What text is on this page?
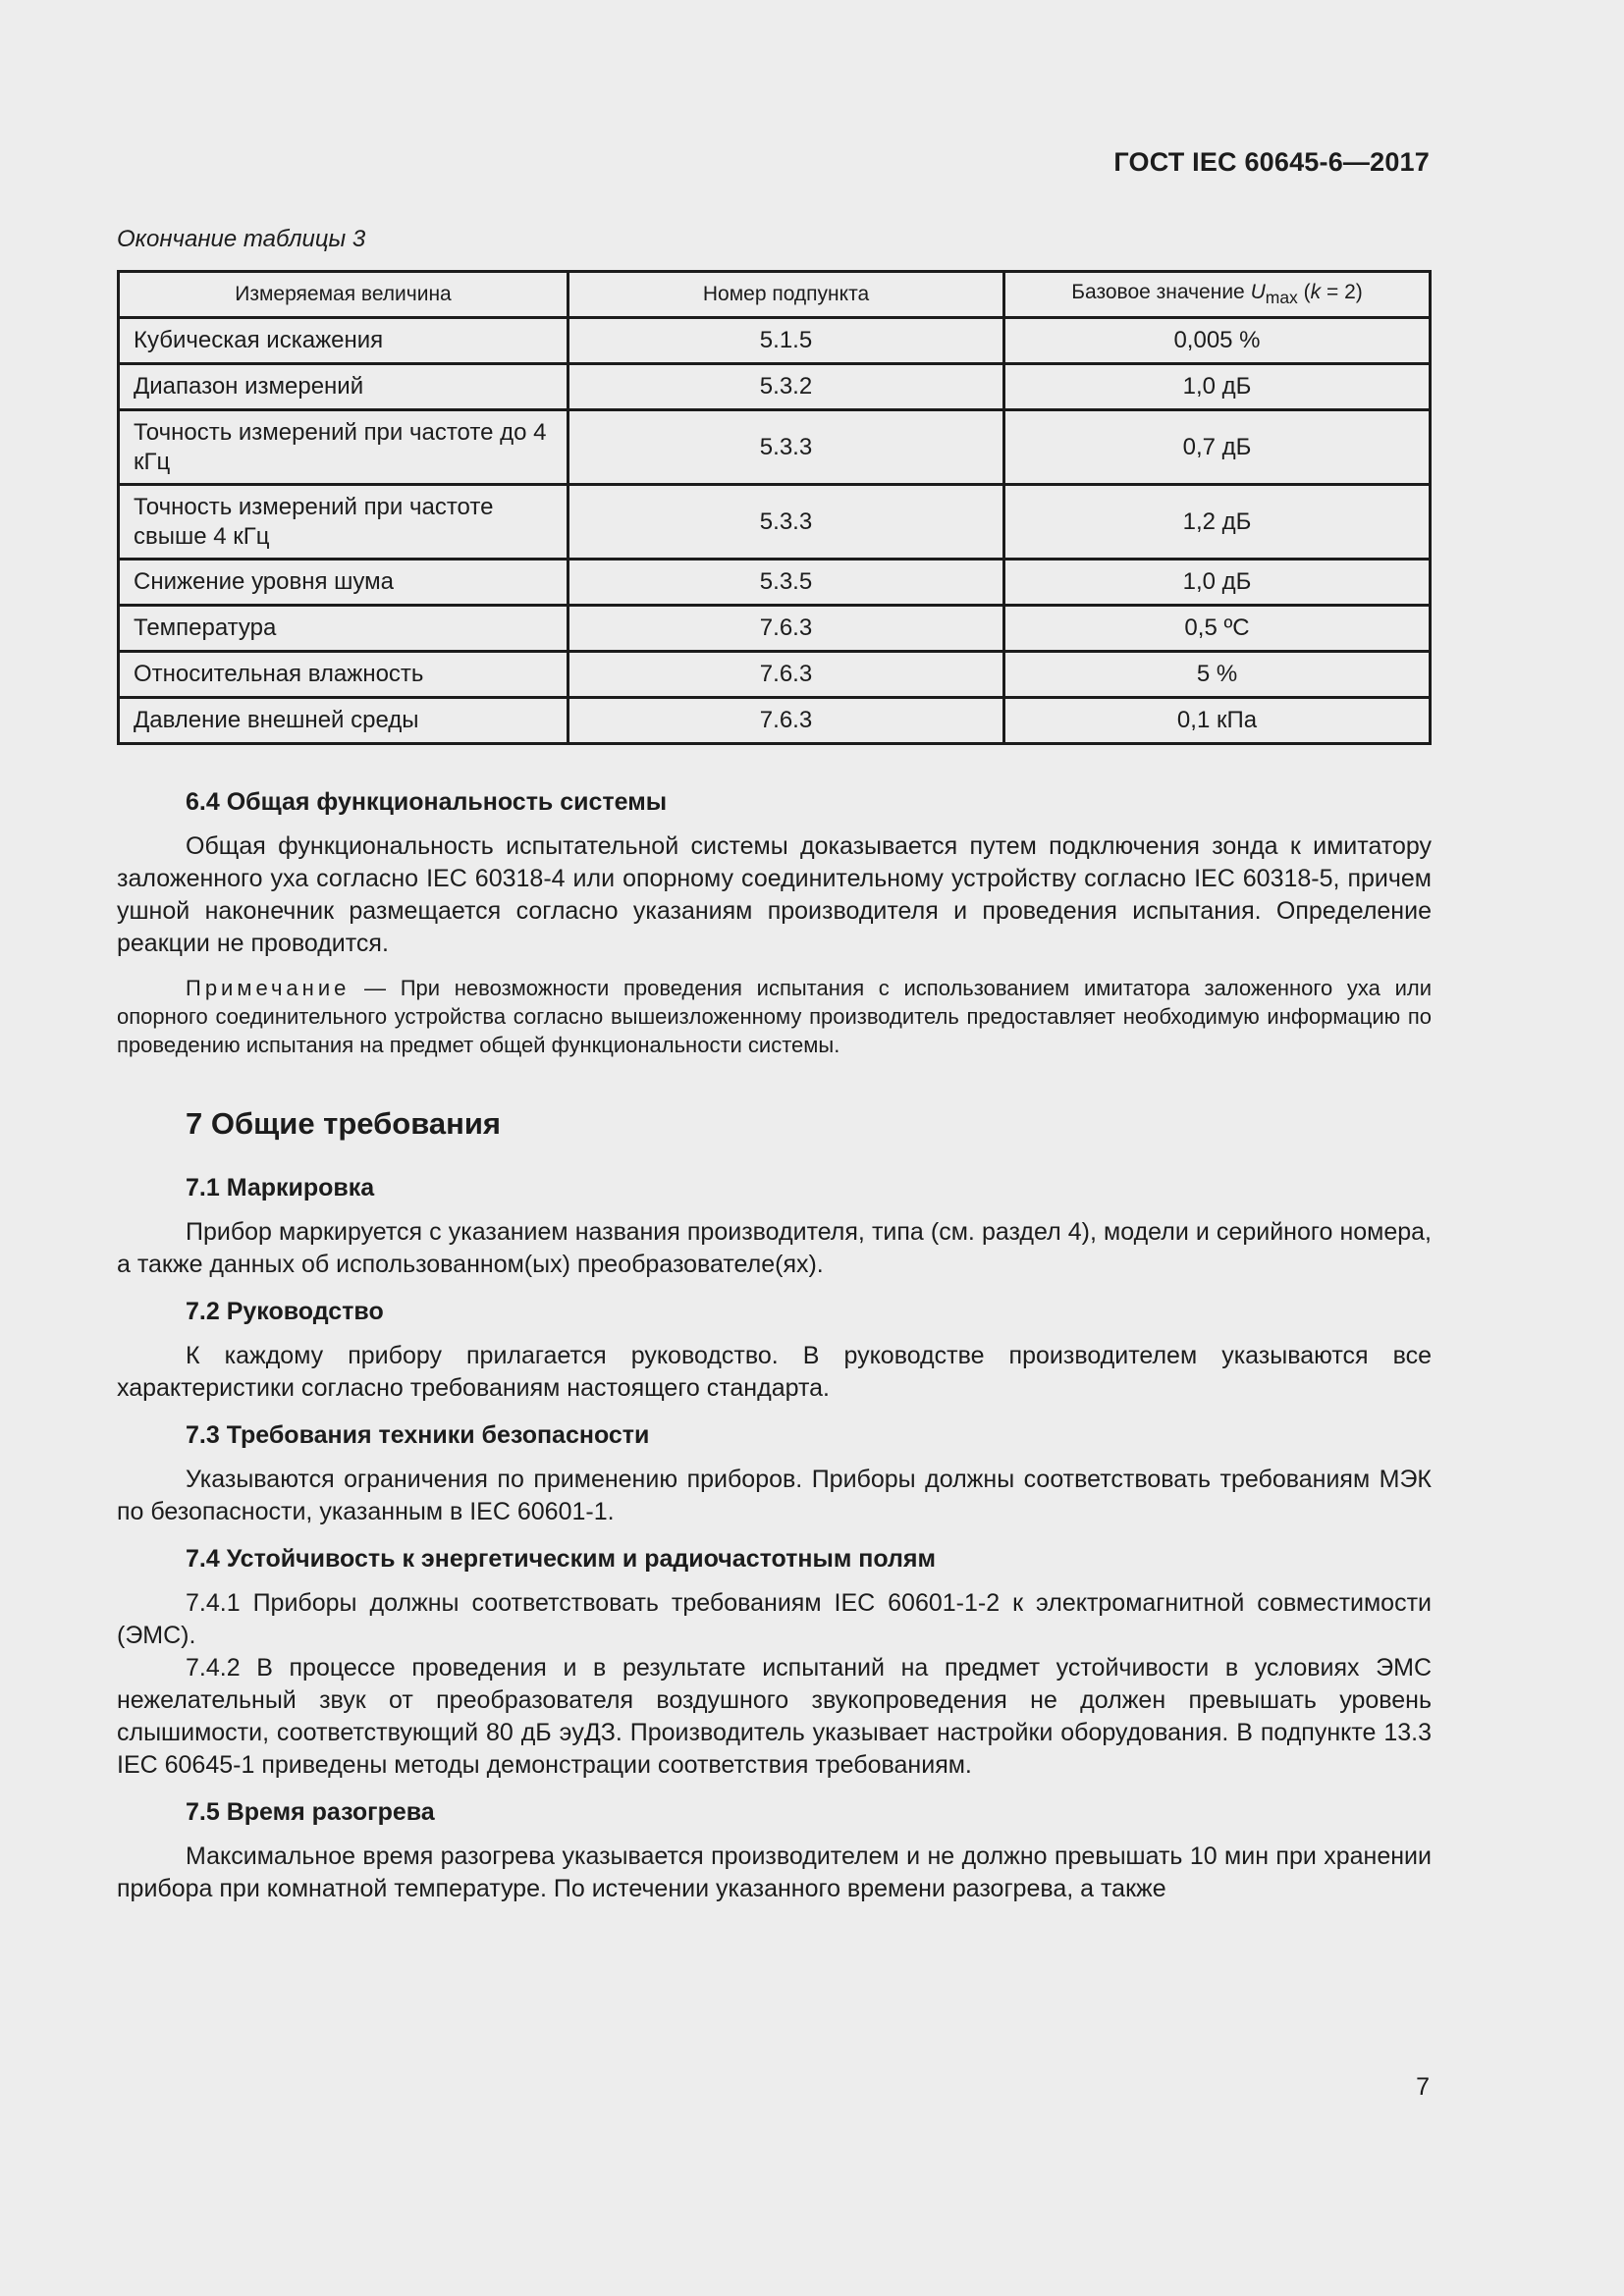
ГОСТ IEC 60645-6—2017
Окончание таблицы 3
Измеряемая величина	Номер подпункта	Базовое значение $U_{max}$ (k = 2)
Кубическая искажения	5.1.5	0,005 %
Диапазон измерений	5.3.2	1,0 дБ
Точность измерений при частоте до 4 кГц	5.3.3	0,7 дБ
Точность измерений при частоте свыше 4 кГц	5.3.3	1,2 дБ
Снижение уровня шума	5.3.5	1,0 дБ
Температура	7.6.3	0,5 ºС
Относительная влажность	7.6.3	5 %
Давление внешней среды	7.6.3	0,1 кПа
6.4 Общая функциональность системы

Общая функциональность испытательной системы доказывается путем подключения зонда к имитатору заложенного уха согласно IEC 60318-4 или опорному соединительному устройству согласно IEC 60318-5, причем ушной наконечник размещается согласно указаниям производителя и проведения испытания. Определение реакции не проводится.

Примечание — При невозможности проведения испытания с использованием имитатора заложенного уха или опорного соединительного устройства согласно вышеизложенному производитель предоставляет необходимую информацию по проведению испытания на предмет общей функциональности системы.

7 Общие требования
7.1 Маркировка

Прибор маркируется с указанием названия производителя, типа (см. раздел 4), модели и серийного номера, а также данных об использованном(ых) преобразователе(ях).

7.2 Руководство

К каждому прибору прилагается руководство. В руководстве производителем указываются все характеристики согласно требованиям настоящего стандарта.

7.3 Требования техники безопасности

Указываются ограничения по применению приборов. Приборы должны соответствовать требованиям МЭК по безопасности, указанным в IEC 60601-1.

7.4 Устойчивость к энергетическим и радиочастотным полям

7.4.1 Приборы должны соответствовать требованиям IEC 60601-1-2 к электромагнитной совместимости (ЭМС).

7.4.2 В процессе проведения и в результате испытаний на предмет устойчивости в условиях ЭМС нежелательный звук от преобразователя воздушного звукопроведения не должен превышать уровень слышимости, соответствующий 80 дБ эуДЗ. Производитель указывает настройки оборудования. В подпункте 13.3 IEC 60645-1 приведены методы демонстрации соответствия требованиям.

7.5 Время разогрева

Максимальное время разогрева указывается производителем и не должно превышать 10 мин при хранении прибора при комнатной температуре. По истечении указанного времени разогрева, а также

7
